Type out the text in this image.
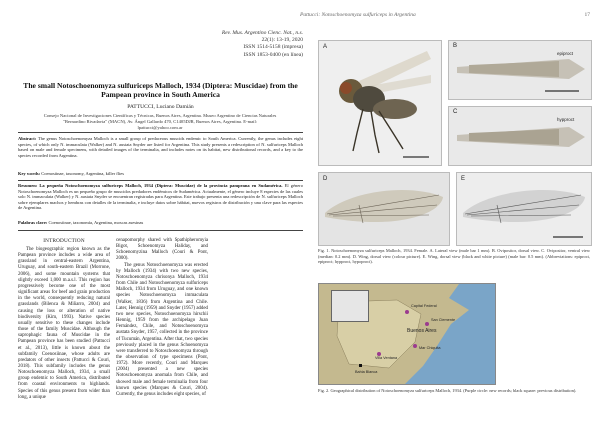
Pattucci: Notoschoenomyza sulfuriceps in Argentina	17
Rev. Mus. Argentino Cienc. Nat., n.s.
22(1): 13-19, 2020
ISSN 1514-5158 (impresa)
ISSN 1853-0400 (en línea)
The small Notoschoenomyza sulfuriceps Malloch, 1934 (Diptera: Muscidae) from the Pampean province in South America
PATTUCCI, Luciano Damián
Consejo Nacional de Investigaciones Científicas y Técnicas, Buenos Aires, Argentina. Museo Argentino de Ciencias Naturales "Bernardino Rivadavia" (MACN), Av. Ángel Gallardo 470, C1405DJR, Buenos Aires, Argentina. E-mail: lpattucci@yahoo.com.ar
Abstract: The genus Notoschoenomyza Malloch is a small group of predaceous muscids endemic to South America. Currently, the genus includes eight species, of which only N. immaculata (Walker) and N. austata Snyder are listed for Argentina. This study presents a redescription of N. sulfuriceps Malloch based on male and female specimens, with detailed images of the terminalia, and includes notes on its habitat, new distributional records, and a key to the species recorded from Argentina.
Key words: Coenosiinae, taxonomy, Argentina, killer flies
Resumen: La pequeña Notoschoenomyza sulfuriceps Malloch, 1934 (Diptera: Muscidae) de la provincia pampeana en Sudamérica. El género Notoschoenomyza Malloch es un pequeño grupo de muscidos predadores endémicos de Sudamérica. Actualmente, el género incluye 8 especies de las cuales solo N. immaculata (Walker) y N. austata Snyder se encuentran registradas para Argentina. Este trabajo presenta una redescripción de N. sulfuriceps Malloch sobre ejemplares machos y hembras con detalles de la terminalia, e incluye datos sobre hábitat, nuevos registros de distribución y una clave para las especies de Argentina.
Palabras clave: Coenosiinae, taxonomía, Argentina, moscas asesinas
INTRODUCTION
The biogeographic region known as the Pampean province includes a wide area of grassland in central-eastern Argentina, Uruguay, and south-eastern Brazil (Morrone, 2006), and some mountain systems that slightly exceed 1,000 m.a.s.l. This region has progressively become one of the most significant areas for beef and grain production in the world, consequently reducing natural grasslands (Bilenca & Miñarro, 2004) and causing the loss or alteration of native biodiversity (Kim, 1993). Native species usually sensitive to these changes include those of the family Muscidae. Although the saprophagic fauna of Muscidae in the Pampean province has been studied (Pattucci et al., 2013), little is known about the subfamily Coenosiinae, whose adults are predators of other insects (Pattucci & Couri, 2018). This subfamily includes the genus Notoschoenomyza Malloch, 1934, a small group endemic to South America, distributed from coastal environments to highlands. Species of this genus present from wider than long, a unique

cenapomorphy shared with Spathipheromyia Bigot, Schoenomyza Haliday, and Schoenomyzina Malloch (Couri & Pont, 2000).

The genus Notoschoenomyza was erected by Malloch (1934) with two new species, Notoschoenomyza chrisonya Malloch, 1934 from Chile and Notoschoenomyza sulfuriceps Malloch, 1934 from Uruguay, and one known species Notoschoenomyza immaculata (Walker, 1836) from Argentina and Chile. Later, Hennig (1959) and Snyder (1957) added two new species, Notoschoenomyza hirschii Hennig, 1959 from the archipelago Juan Fernández, Chile, and Notoschoenomyza austata Snyder, 1957, collected in the province of Tucumán, Argentina. After that, two species previously placed in the genus Schoenomyza were transferred to Notoschoenomyza through the observation of type specimens (Pont, 1972). More recently, Couri and Marques (2004) presented a new species Notoschoenomyza anomala from Chile, and showed male and female terminalia from four known species (Marques & Couri, 2004). Currently, the genus includes eight species, of

A	B
epiproct
C
hypproct
D	E
Fig. 1. Notoschoenomyza sulfuriceps Malloch, 1934. Female. A. Lateral view (male bar 1 mm). B. Ovipositor, dorsal view. C. Ovipositor, ventral view (median: 0.2 mm). D. Wing, dorsal view (colour picture). E. Wing, dorsal view (black and white picture) (male bar: 0.5 mm). (Abbreviations: epiproct, epiproct; hypproct, hypoproct).
Buenos Aires
Capital Federal
San Clemente
Villa Ventana
Mar Chiquita
Bahia Blanca
Fig. 2. Geographical distribution of Notoschoenomyza sulfuriceps Malloch, 1934. (Purple circle: new records; black square: previous distribution).
